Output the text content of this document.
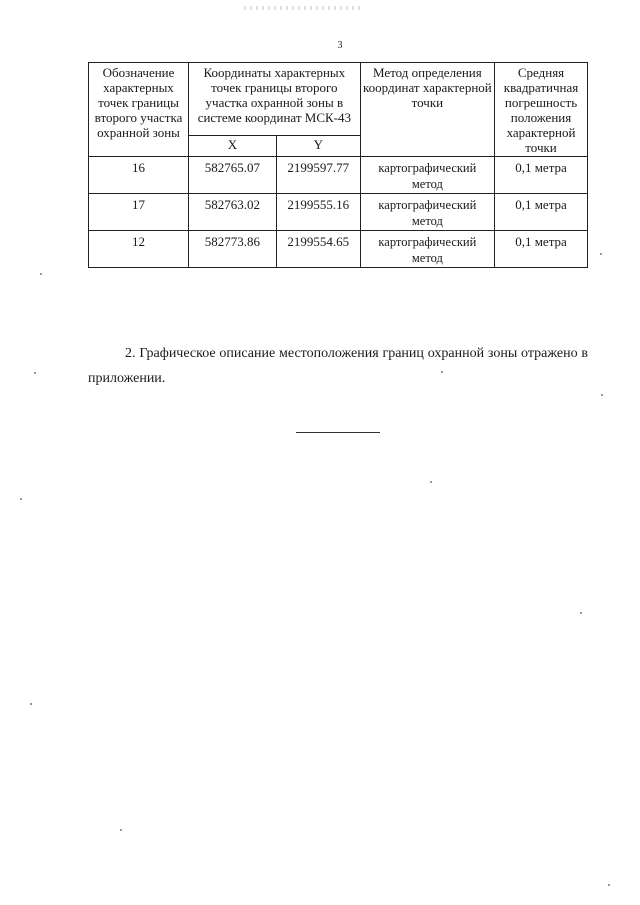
3
Обозначение характерных точек границы второго участка охранной зоны	Координаты характерных точек границы второго участка охранной зоны в системе координат МСК-43		Метод определения координат характерной точки	Средняя квадратичная погрешность положения характерной точки
	X	Y		
16	582765.07	2199597.77	картографический метод	0,1 метра
17	582763.02	2199555.16	картографический метод	0,1 метра
12	582773.86	2199554.65	картографический метод	0,1 метра

2. Графическое описание местоположения границ охранной зоны отражено в приложении.
